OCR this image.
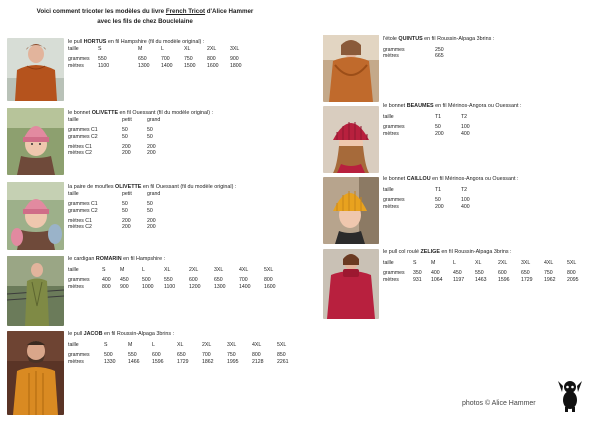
Voici comment tricoter les modèles du livre French Tricot d'Alice Hammer
avec les fils de chez Bouclelaine
le pull HORTUS en fil Hampshire (fil du modèle original) :
taille	S	M	L	XL	2XL	3XL

grammes	550	650	700	750	800	900
mètres	1100	1300	1400	1500	1600	1800
le bonnet OLIVETTE en fil Ouessant (fil du modèle original) :
taille	petit	grand

grammes C1	50	50
grammes C2	50	50

mètres C1	200	200
mètres C2	200	200
la paire de moufles OLIVETTE en fil Ouessant (fil du modèle original) :
taille	petit	grand

grammes C1	50	50
grammes C2	50	50

mètres C1	200	200
mètres C2	200	200
le cardigan ROMARIN en fil Hampshire :

taille	S	M	L	XL	2XL	3XL	4XL	5XL

grammes	400	450	500	550	600	650	700	800
mètres	800	900	1000	1100	1200	1300	1400	1600
le pull JACOB en fil Roussin-Alpaga 3brins :

taille	S	M	L	XL	2XL	3XL	4XL	5XL

grammes	500	550	600	650	700	750	800	850
mètres	1330	1466	1596	1729	1862	1995	2128	2261
l'étole QUINTUS en fil Roussin-Alpaga 3brins :

grammes	250
mètres	665
le bonnet BEAUMES en fil Mérinos-Angora ou Ouessant :

taille	T1	T2

grammes	50	100
mètres	200	400
le bonnet CAILLOU en fil Mérinos-Angora ou Ouessant :

taille	T1	T2

grammes	50	100
mètres	200	400
le pull col roulé ZELIGE en fil Roussin-Alpaga 3brins :

taille	S	M	L	XL	2XL	3XL	4XL	5XL

grammes	350	400	450	550	600	650	750	800
mètres	931	1064	1197	1463	1596	1729	1962	2095
photos © Alice Hammer
